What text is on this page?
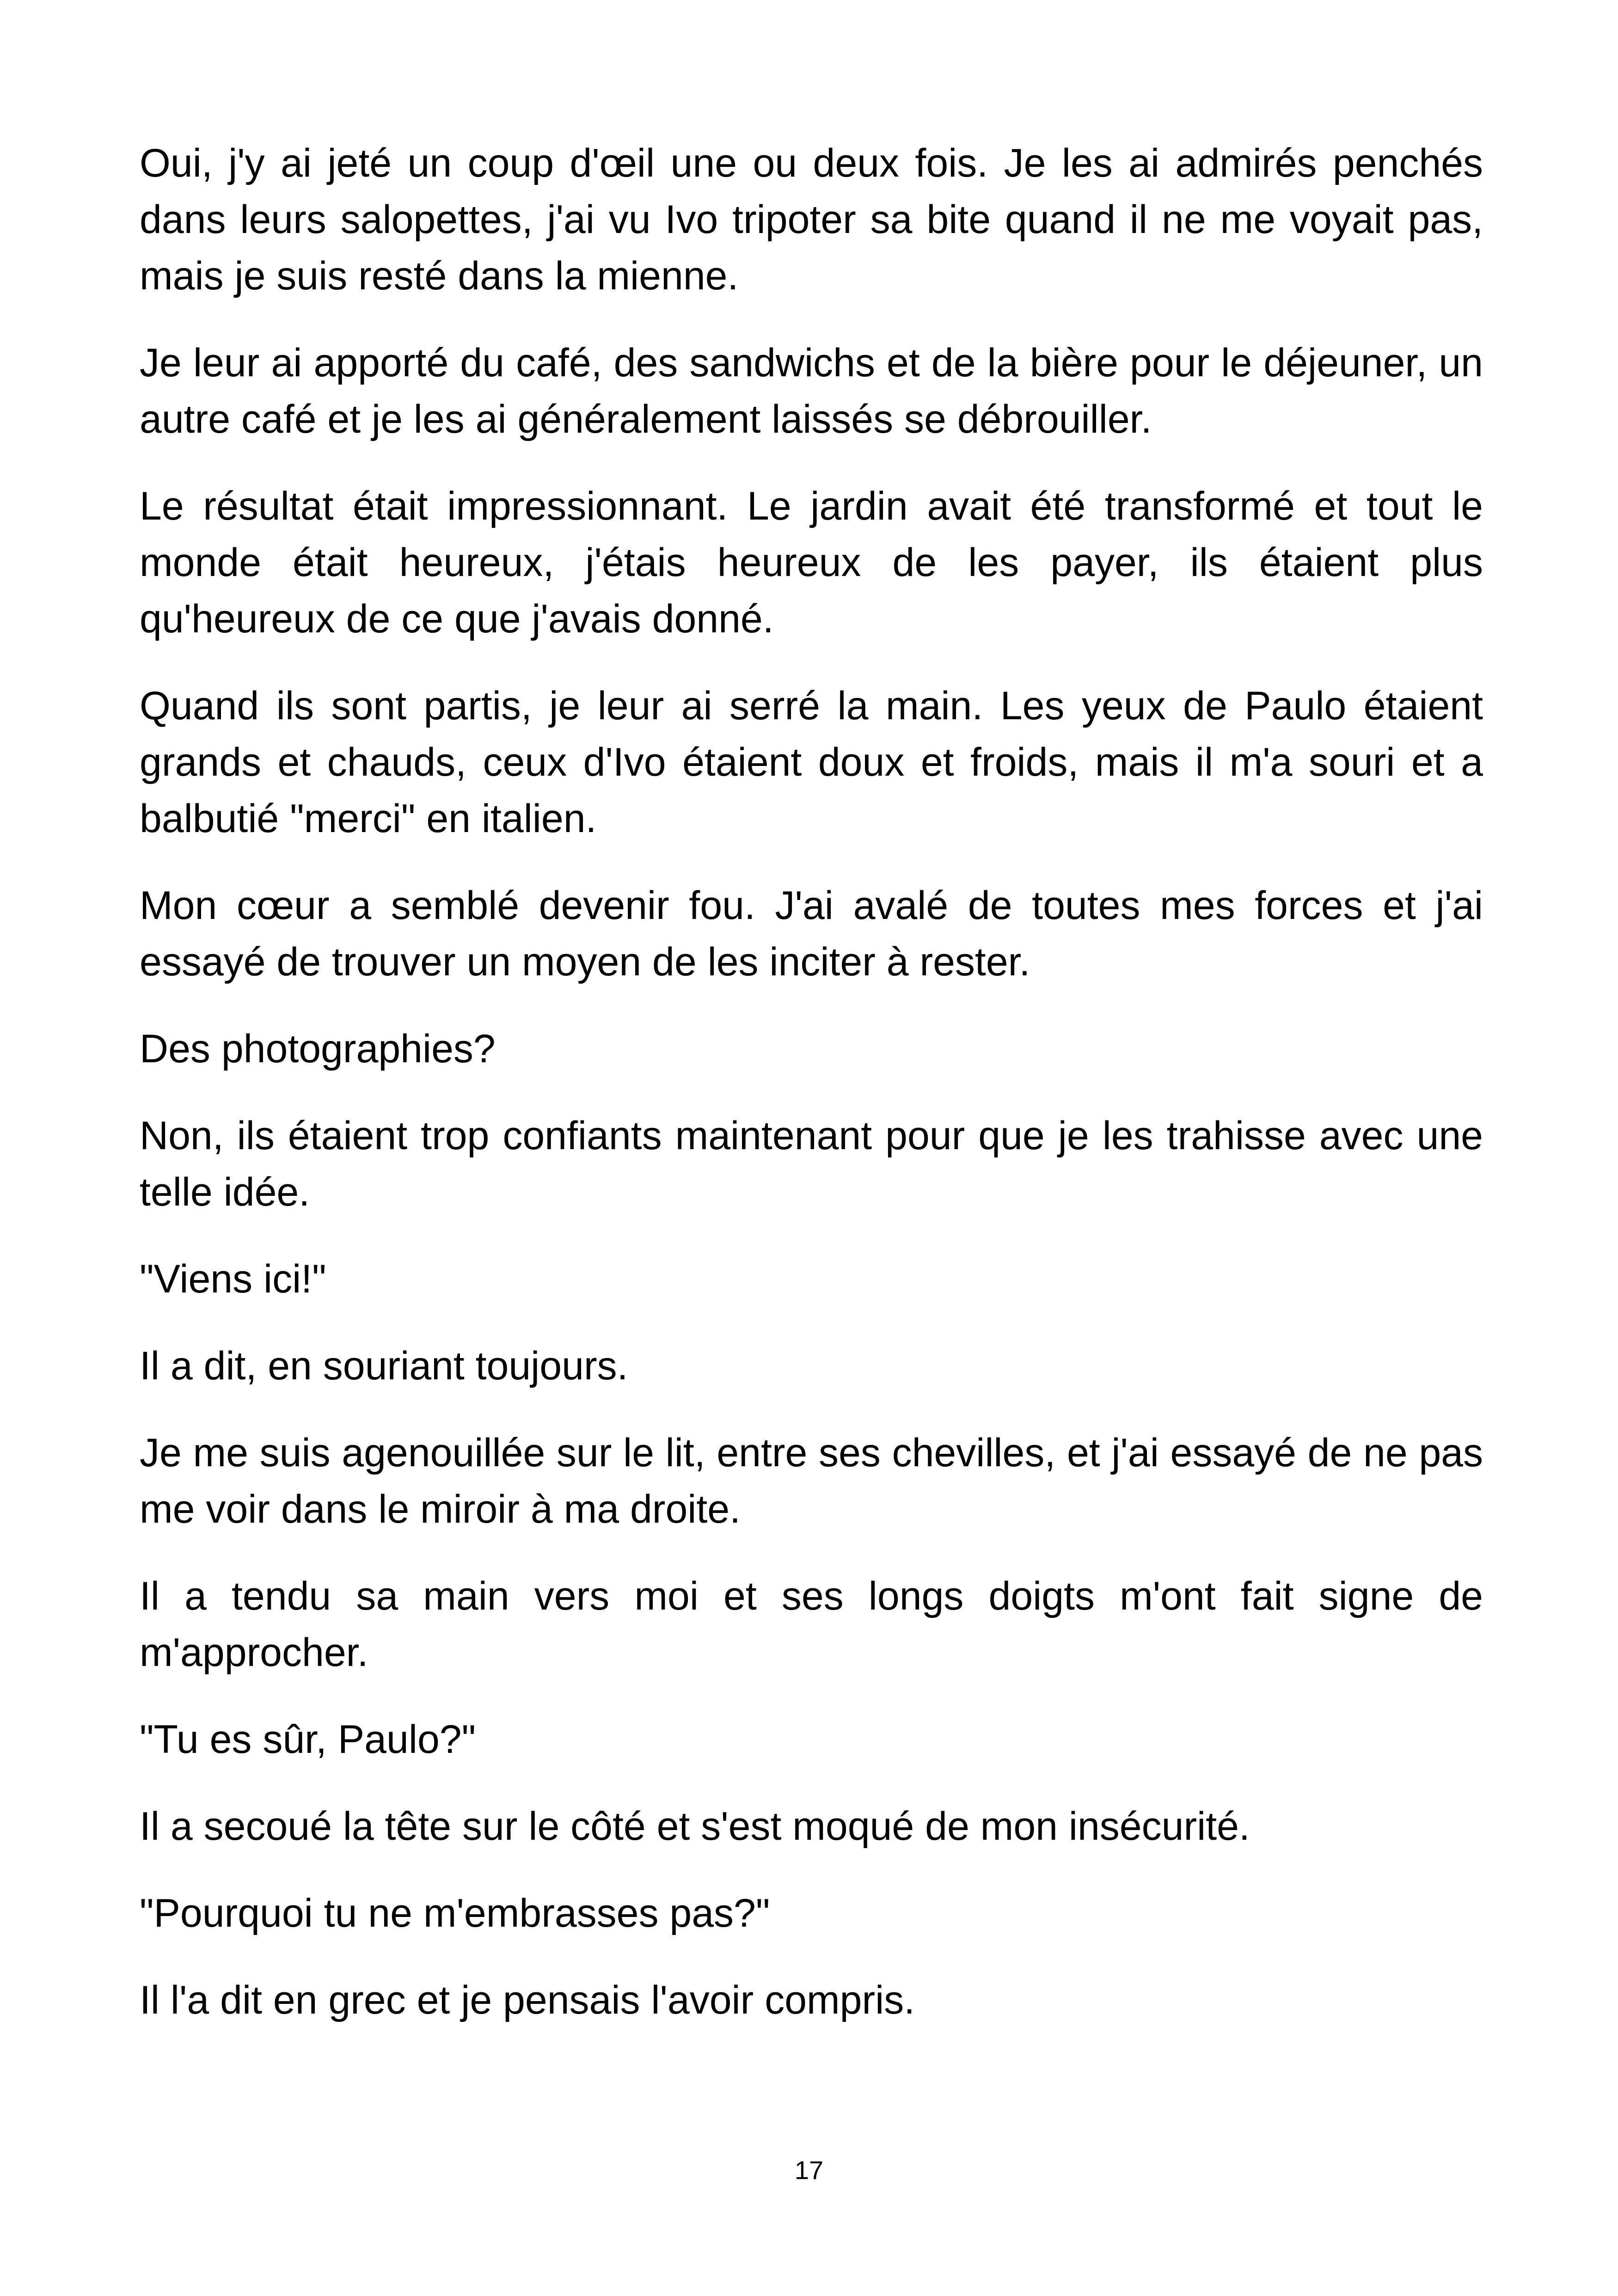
Oui, j'y ai jeté un coup d'œil une ou deux fois. Je les ai admirés penchés dans leurs salopettes, j'ai vu Ivo tripoter sa bite quand il ne me voyait pas, mais je suis resté dans la mienne.

Je leur ai apporté du café, des sandwichs et de la bière pour le déjeuner, un autre café et je les ai généralement laissés se débrouiller.

Le résultat était impressionnant. Le jardin avait été transformé et tout le monde était heureux, j'étais heureux de les payer, ils étaient plus qu'heureux de ce que j'avais donné.

Quand ils sont partis, je leur ai serré la main. Les yeux de Paulo étaient grands et chauds, ceux d'Ivo étaient doux et froids, mais il m'a souri et a balbutié "merci" en italien.

Mon cœur a semblé devenir fou. J'ai avalé de toutes mes forces et j'ai essayé de trouver un moyen de les inciter à rester.

Des photographies?

Non, ils étaient trop confiants maintenant pour que je les trahisse avec une telle idée.

"Viens ici!"

Il a dit, en souriant toujours.

Je me suis agenouillée sur le lit, entre ses chevilles, et j'ai essayé de ne pas me voir dans le miroir à ma droite.

Il a tendu sa main vers moi et ses longs doigts m'ont fait signe de m'approcher.

"Tu es sûr, Paulo?"

Il a secoué la tête sur le côté et s'est moqué de mon insécurité.

"Pourquoi tu ne m'embrasses pas?"

Il l'a dit en grec et je pensais l'avoir compris.

17
